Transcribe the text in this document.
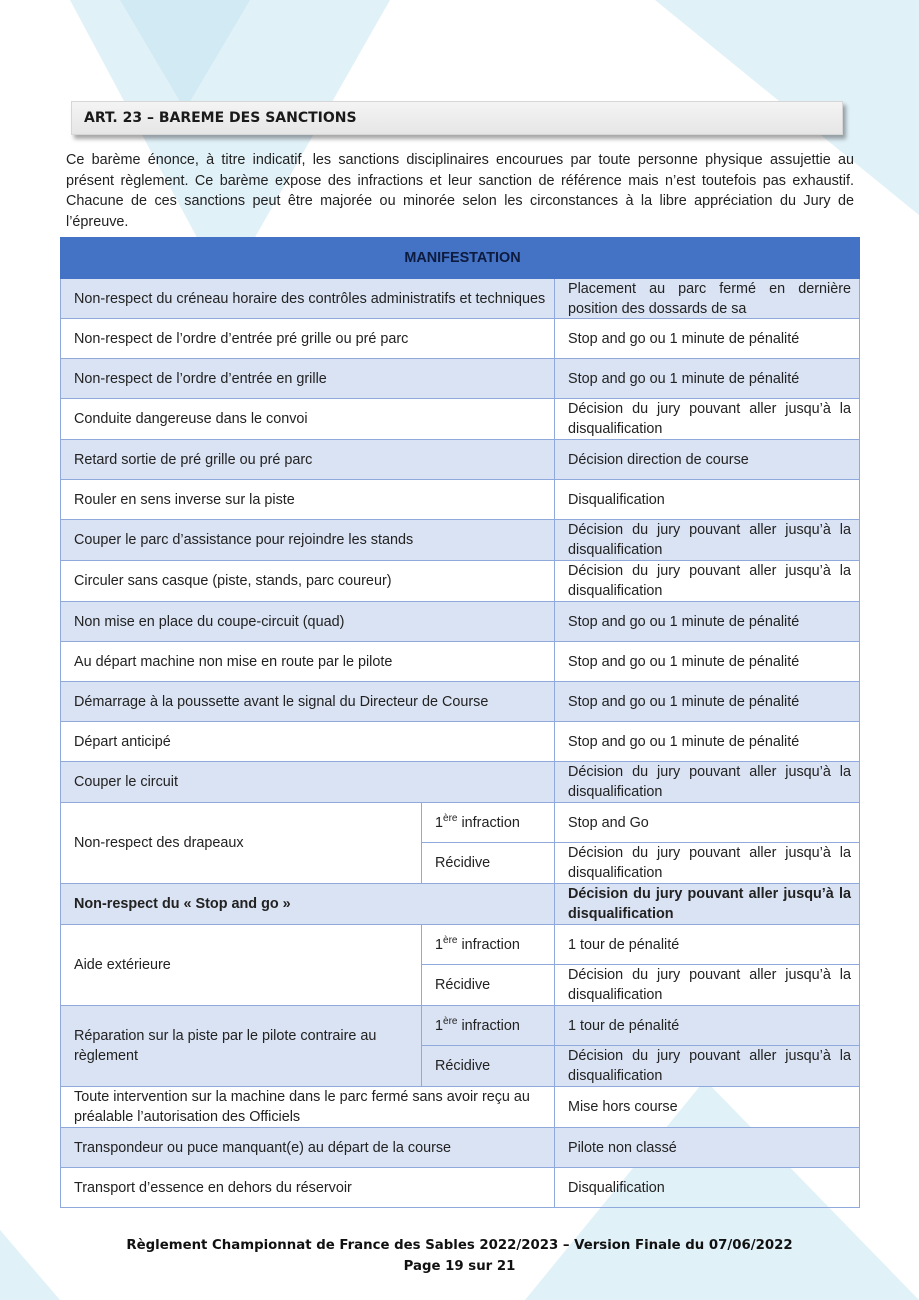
ART. 23 – BAREME DES SANCTIONS
Ce barème énonce, à titre indicatif, les sanctions disciplinaires encourues par toute personne physique assujettie au présent règlement. Ce barème expose des infractions et leur sanction de référence mais n’est toutefois pas exhaustif. Chacune de ces sanctions peut être majorée ou minorée selon les circonstances à la libre appréciation du Jury de l’épreuve.
MANIFESTATION		
Non-respect du créneau horaire des contrôles administratifs et techniques		Placement au parc fermé en dernière position des dossards de sa

Non-respect de l’ordre d’entrée pré grille ou pré parc		Stop and go ou 1 minute de pénalité
Non-respect de l’ordre d’entrée en grille		Stop and go ou 1 minute de pénalité
Conduite dangereuse dans le convoi		Décision du jury pouvant aller jusqu’à la disqualification
Retard sortie de pré grille ou pré parc		Décision direction de course
Rouler en sens inverse sur la piste		Disqualification
Couper le parc d’assistance pour rejoindre les stands		Décision du jury pouvant aller jusqu’à la disqualification
Circuler sans casque (piste, stands, parc coureur)		Décision du jury pouvant aller jusqu’à la disqualification
Non mise en place du coupe-circuit (quad)		Stop and go ou 1 minute de pénalité
Au départ machine non mise en route par le pilote		Stop and go ou 1 minute de pénalité
Démarrage à la poussette avant le signal du Directeur de Course		Stop and go ou 1 minute de pénalité
Départ anticipé		Stop and go ou 1 minute de pénalité
Couper le circuit		Décision du jury pouvant aller jusqu’à la disqualification
Non-respect des drapeaux	1ère infraction	Stop and Go
	Récidive	Décision du jury pouvant aller jusqu’à la disqualification
Non-respect du « Stop and go »		Décision du jury pouvant aller jusqu’à la disqualification
Aide extérieure	1ère infraction	1 tour de pénalité
	Récidive	Décision du jury pouvant aller jusqu’à la disqualification
Réparation sur la piste par le pilote contraire au règlement	1ère infraction	1 tour de pénalité
	Récidive	Décision du jury pouvant aller jusqu’à la disqualification
Toute intervention sur la machine dans le parc fermé sans avoir reçu au préalable l’autorisation des Officiels		Mise hors course
Transpondeur ou puce manquant(e) au départ de la course		Pilote non classé
Transport d’essence en dehors du réservoir		Disqualification
Règlement Championnat de France des Sables 2022/2023 – Version Finale du 07/06/2022
Page 19 sur 21
